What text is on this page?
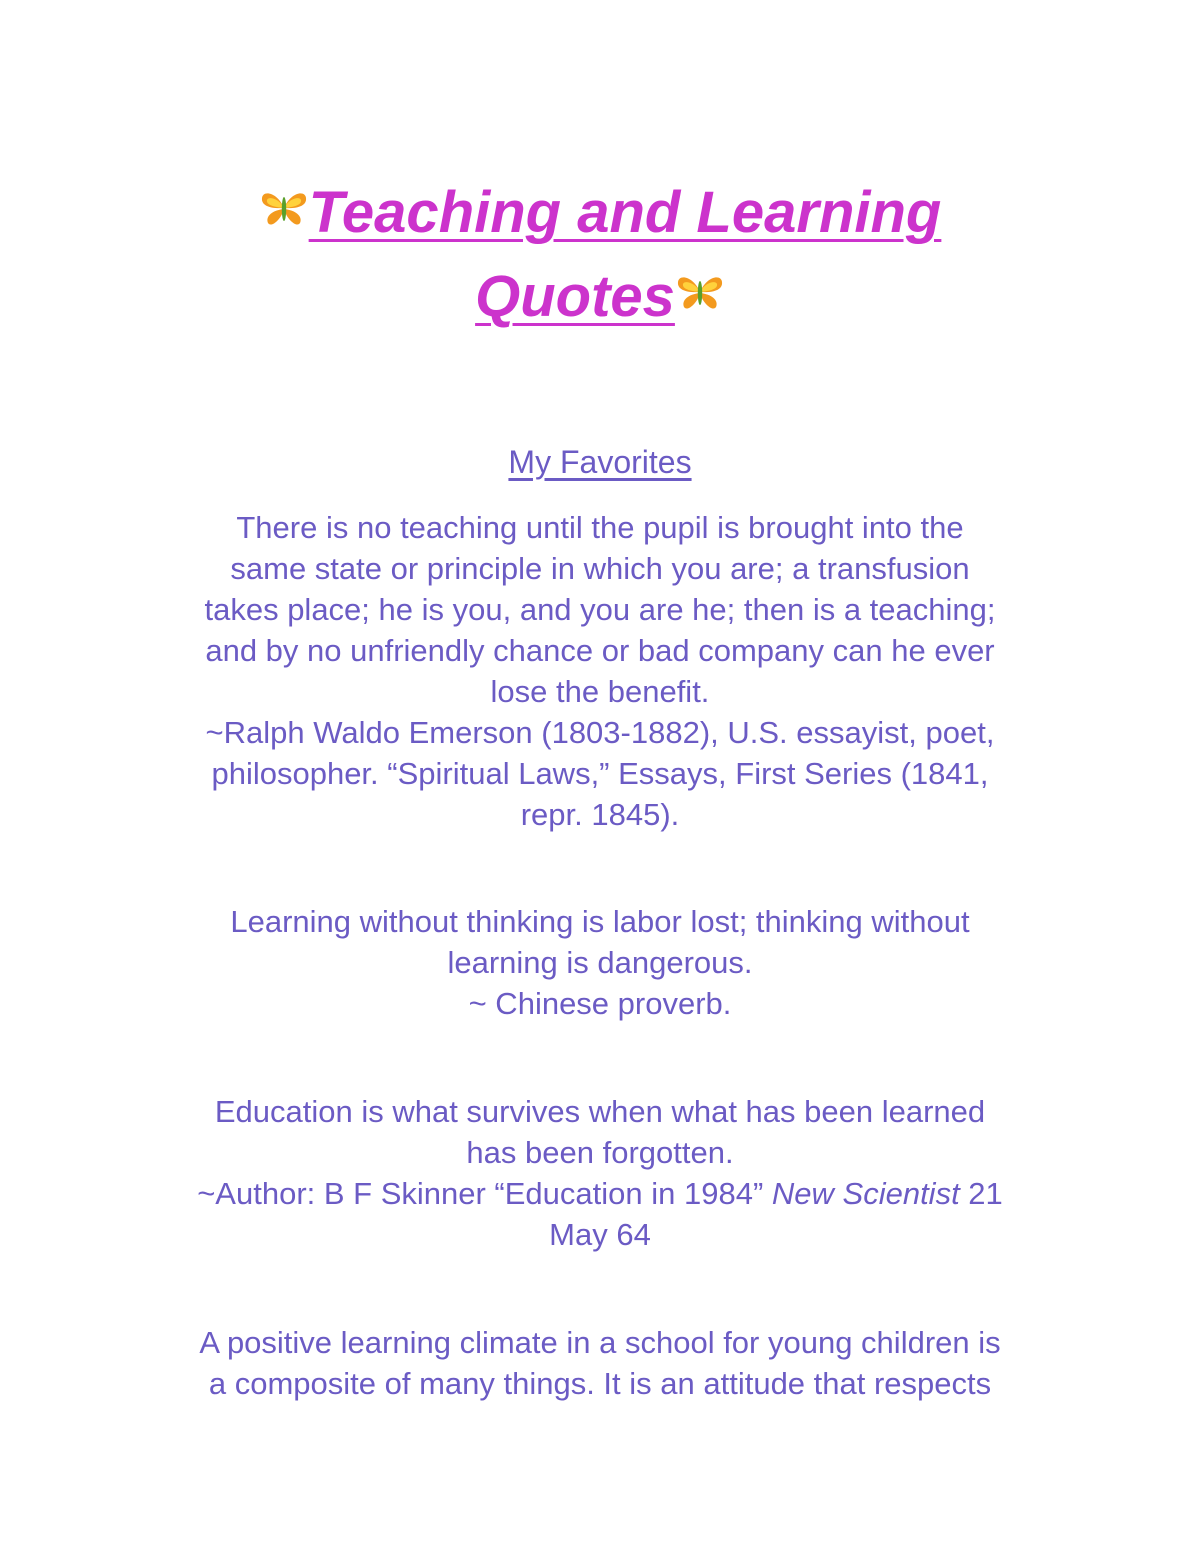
Teaching and Learning
Quotes
My Favorites
There is no teaching until the pupil is brought into the
same state or principle in which you are; a transfusion
takes place; he is you, and you are he; then is a teaching;
and by no unfriendly chance or bad company can he ever
lose the benefit.
~Ralph Waldo Emerson (1803-1882), U.S. essayist, poet,
philosopher. “Spiritual Laws,” Essays, First Series (1841,
repr. 1845).
Learning without thinking is labor lost; thinking without
learning is dangerous.
~ Chinese proverb.
Education is what survives when what has been learned
has been forgotten.
~Author: B F Skinner “Education in 1984” New Scientist 21
May 64
A positive learning climate in a school for young children is
a composite of many things. It is an attitude that respects
